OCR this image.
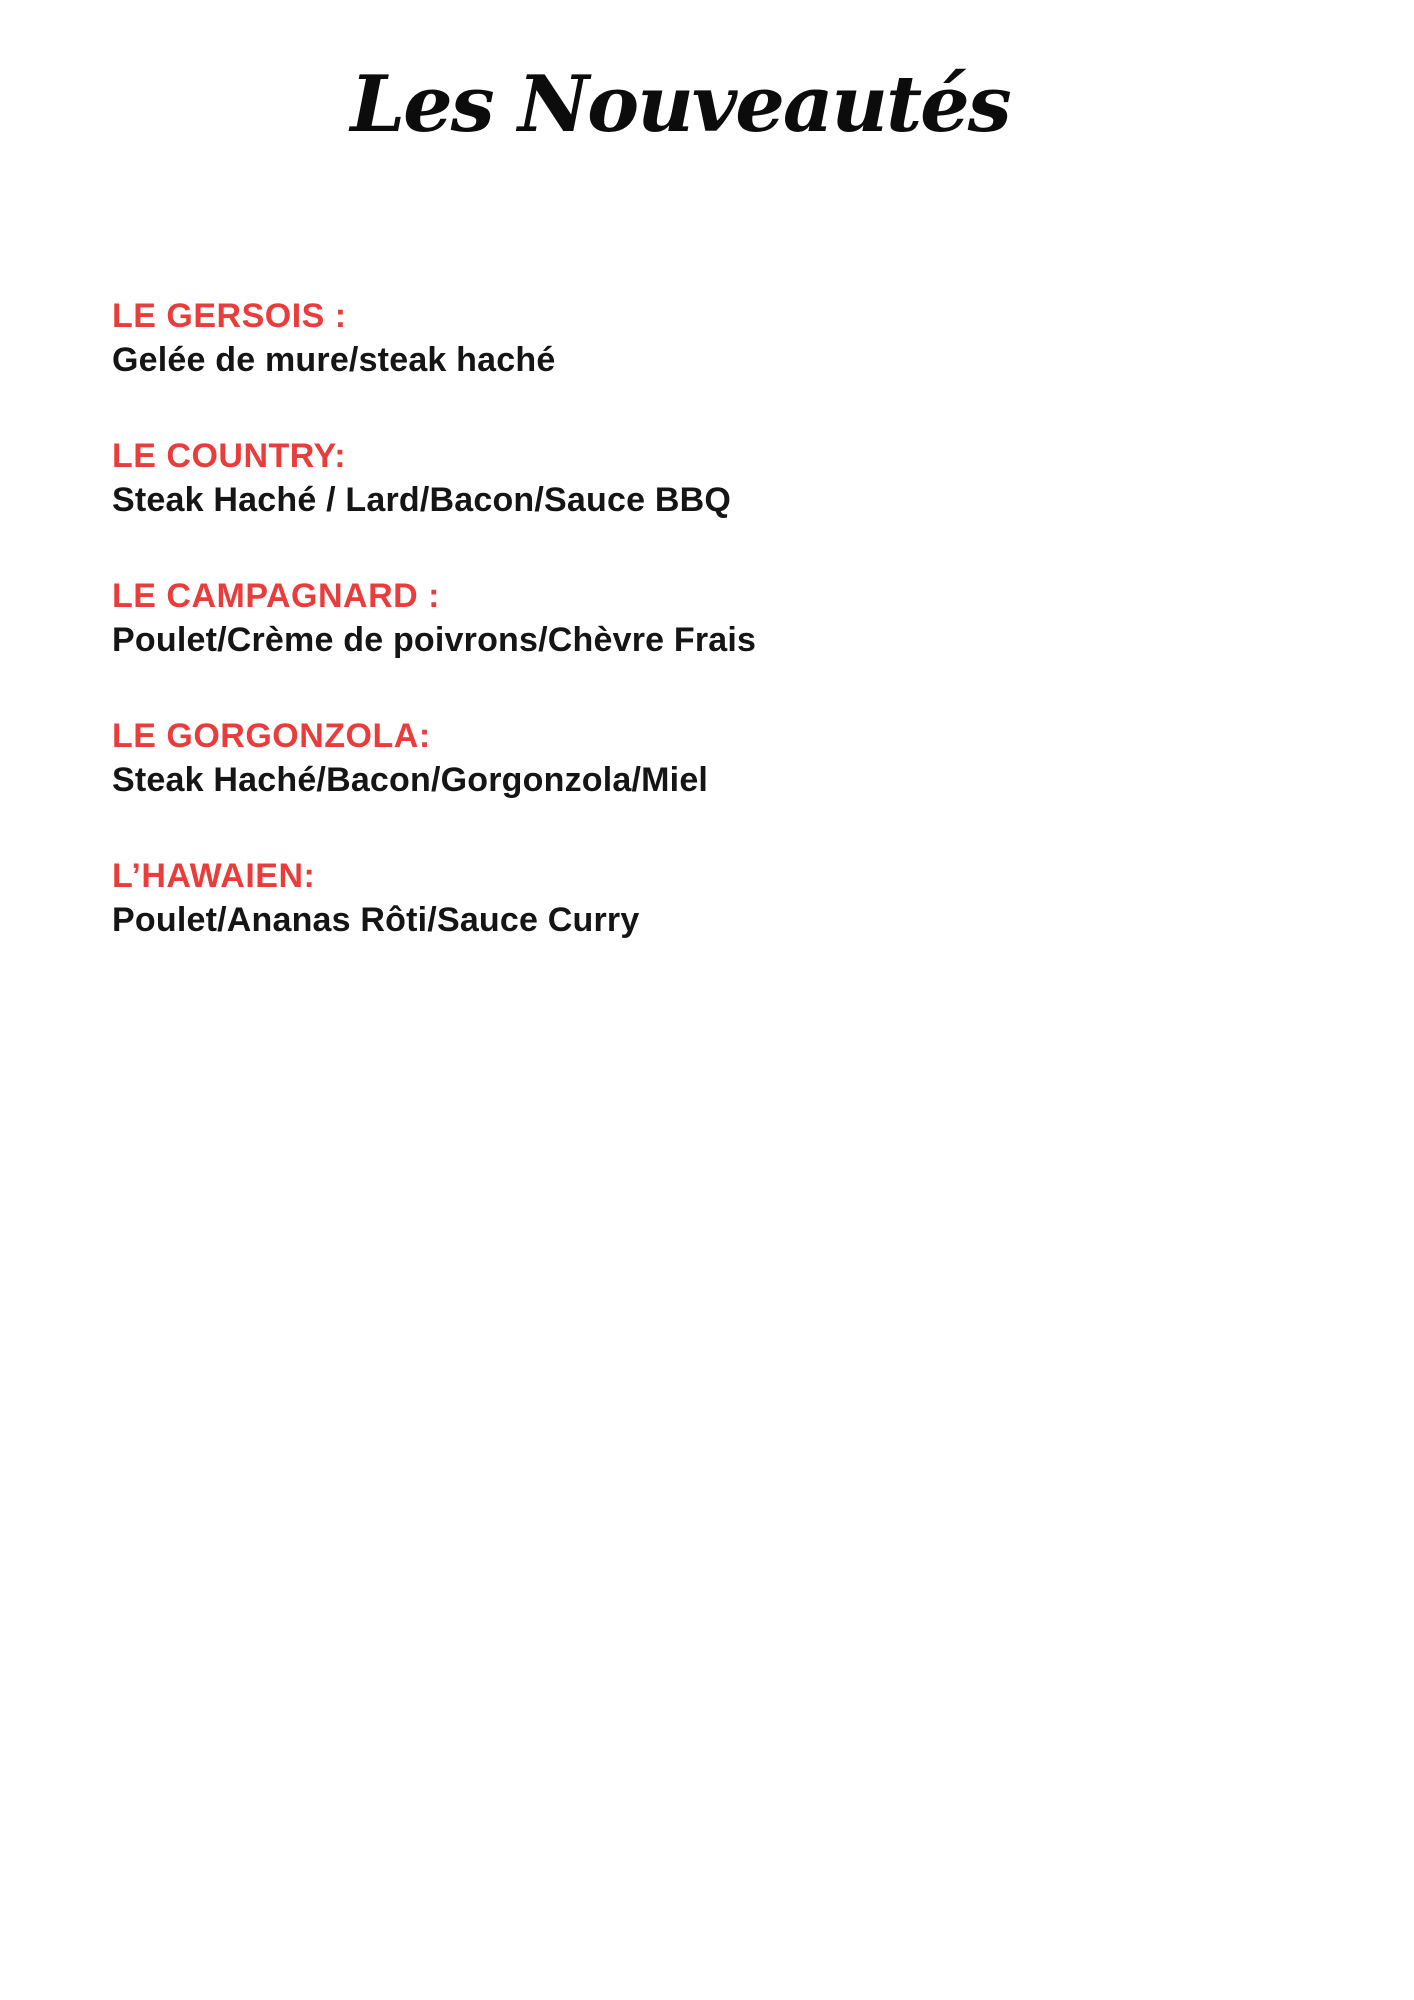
Les Nouveautés
LE GERSOIS :
Gelée de mure/steak haché
LE COUNTRY:
Steak Haché / Lard/Bacon/Sauce BBQ
LE CAMPAGNARD :
Poulet/Crème de poivrons/Chèvre Frais
LE GORGONZOLA:
Steak Haché/Bacon/Gorgonzola/Miel
L’HAWAIEN:
Poulet/Ananas Rôti/Sauce Curry
